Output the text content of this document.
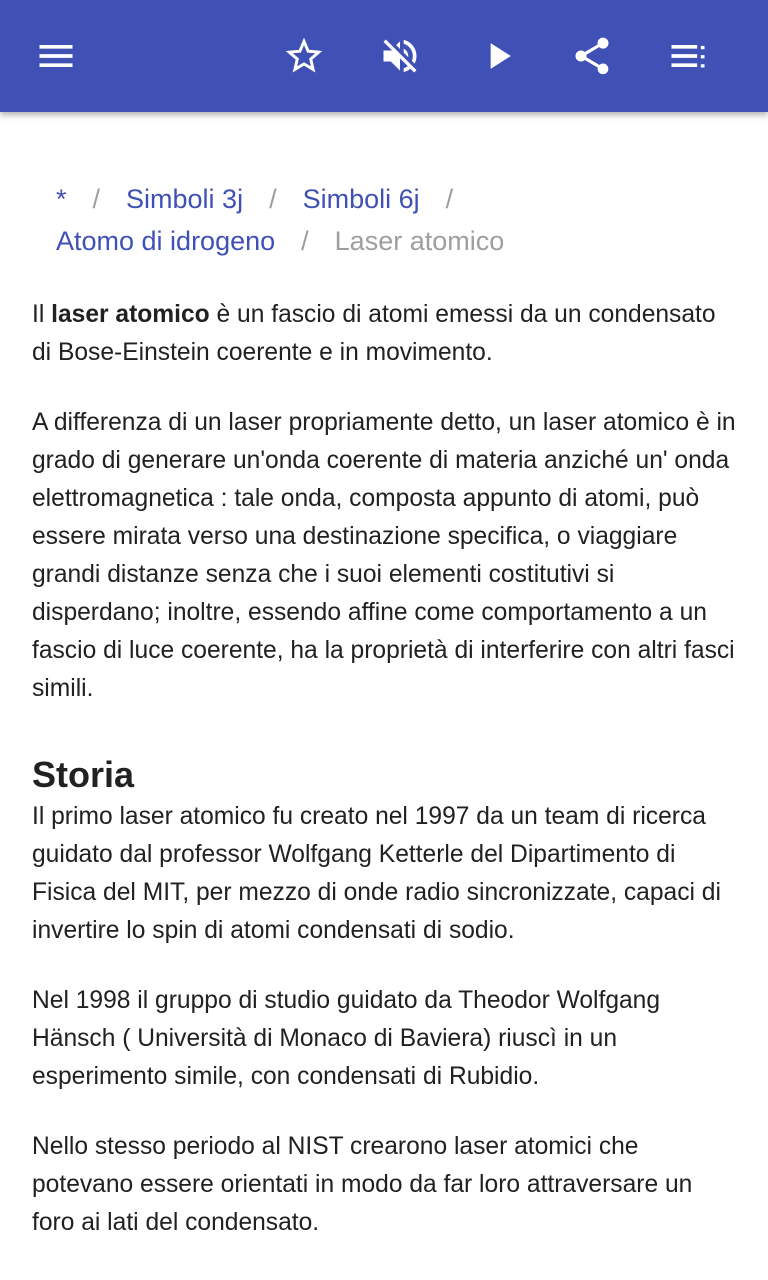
* / Simboli 3j / Simboli 6j /
Atomo di idrogeno / Laser atomico

Il laser atomico è un fascio di atomi emessi da un condensato di Bose-Einstein coerente e in movimento.

A differenza di un laser propriamente detto, un laser atomico è in grado di generare un'onda coerente di materia anziché un' onda elettromagnetica : tale onda, composta appunto di atomi, può essere mirata verso una destinazione specifica, o viaggiare grandi distanze senza che i suoi elementi costitutivi si disperdano; inoltre, essendo affine come comportamento a un fascio di luce coerente, ha la proprietà di interferire con altri fasci simili.

Storia

Il primo laser atomico fu creato nel 1997 da un team di ricerca guidato dal professor Wolfgang Ketterle del Dipartimento di Fisica del MIT, per mezzo di onde radio sincronizzate, capaci di invertire lo spin di atomi condensati di sodio.

Nel 1998 il gruppo di studio guidato da Theodor Wolfgang Hänsch ( Università di Monaco di Baviera) riuscì in un esperimento simile, con condensati di Rubidio.

Nello stesso periodo al NIST crearono laser atomici che potevano essere orientati in modo da far loro attraversare un foro ai lati del condensato.
